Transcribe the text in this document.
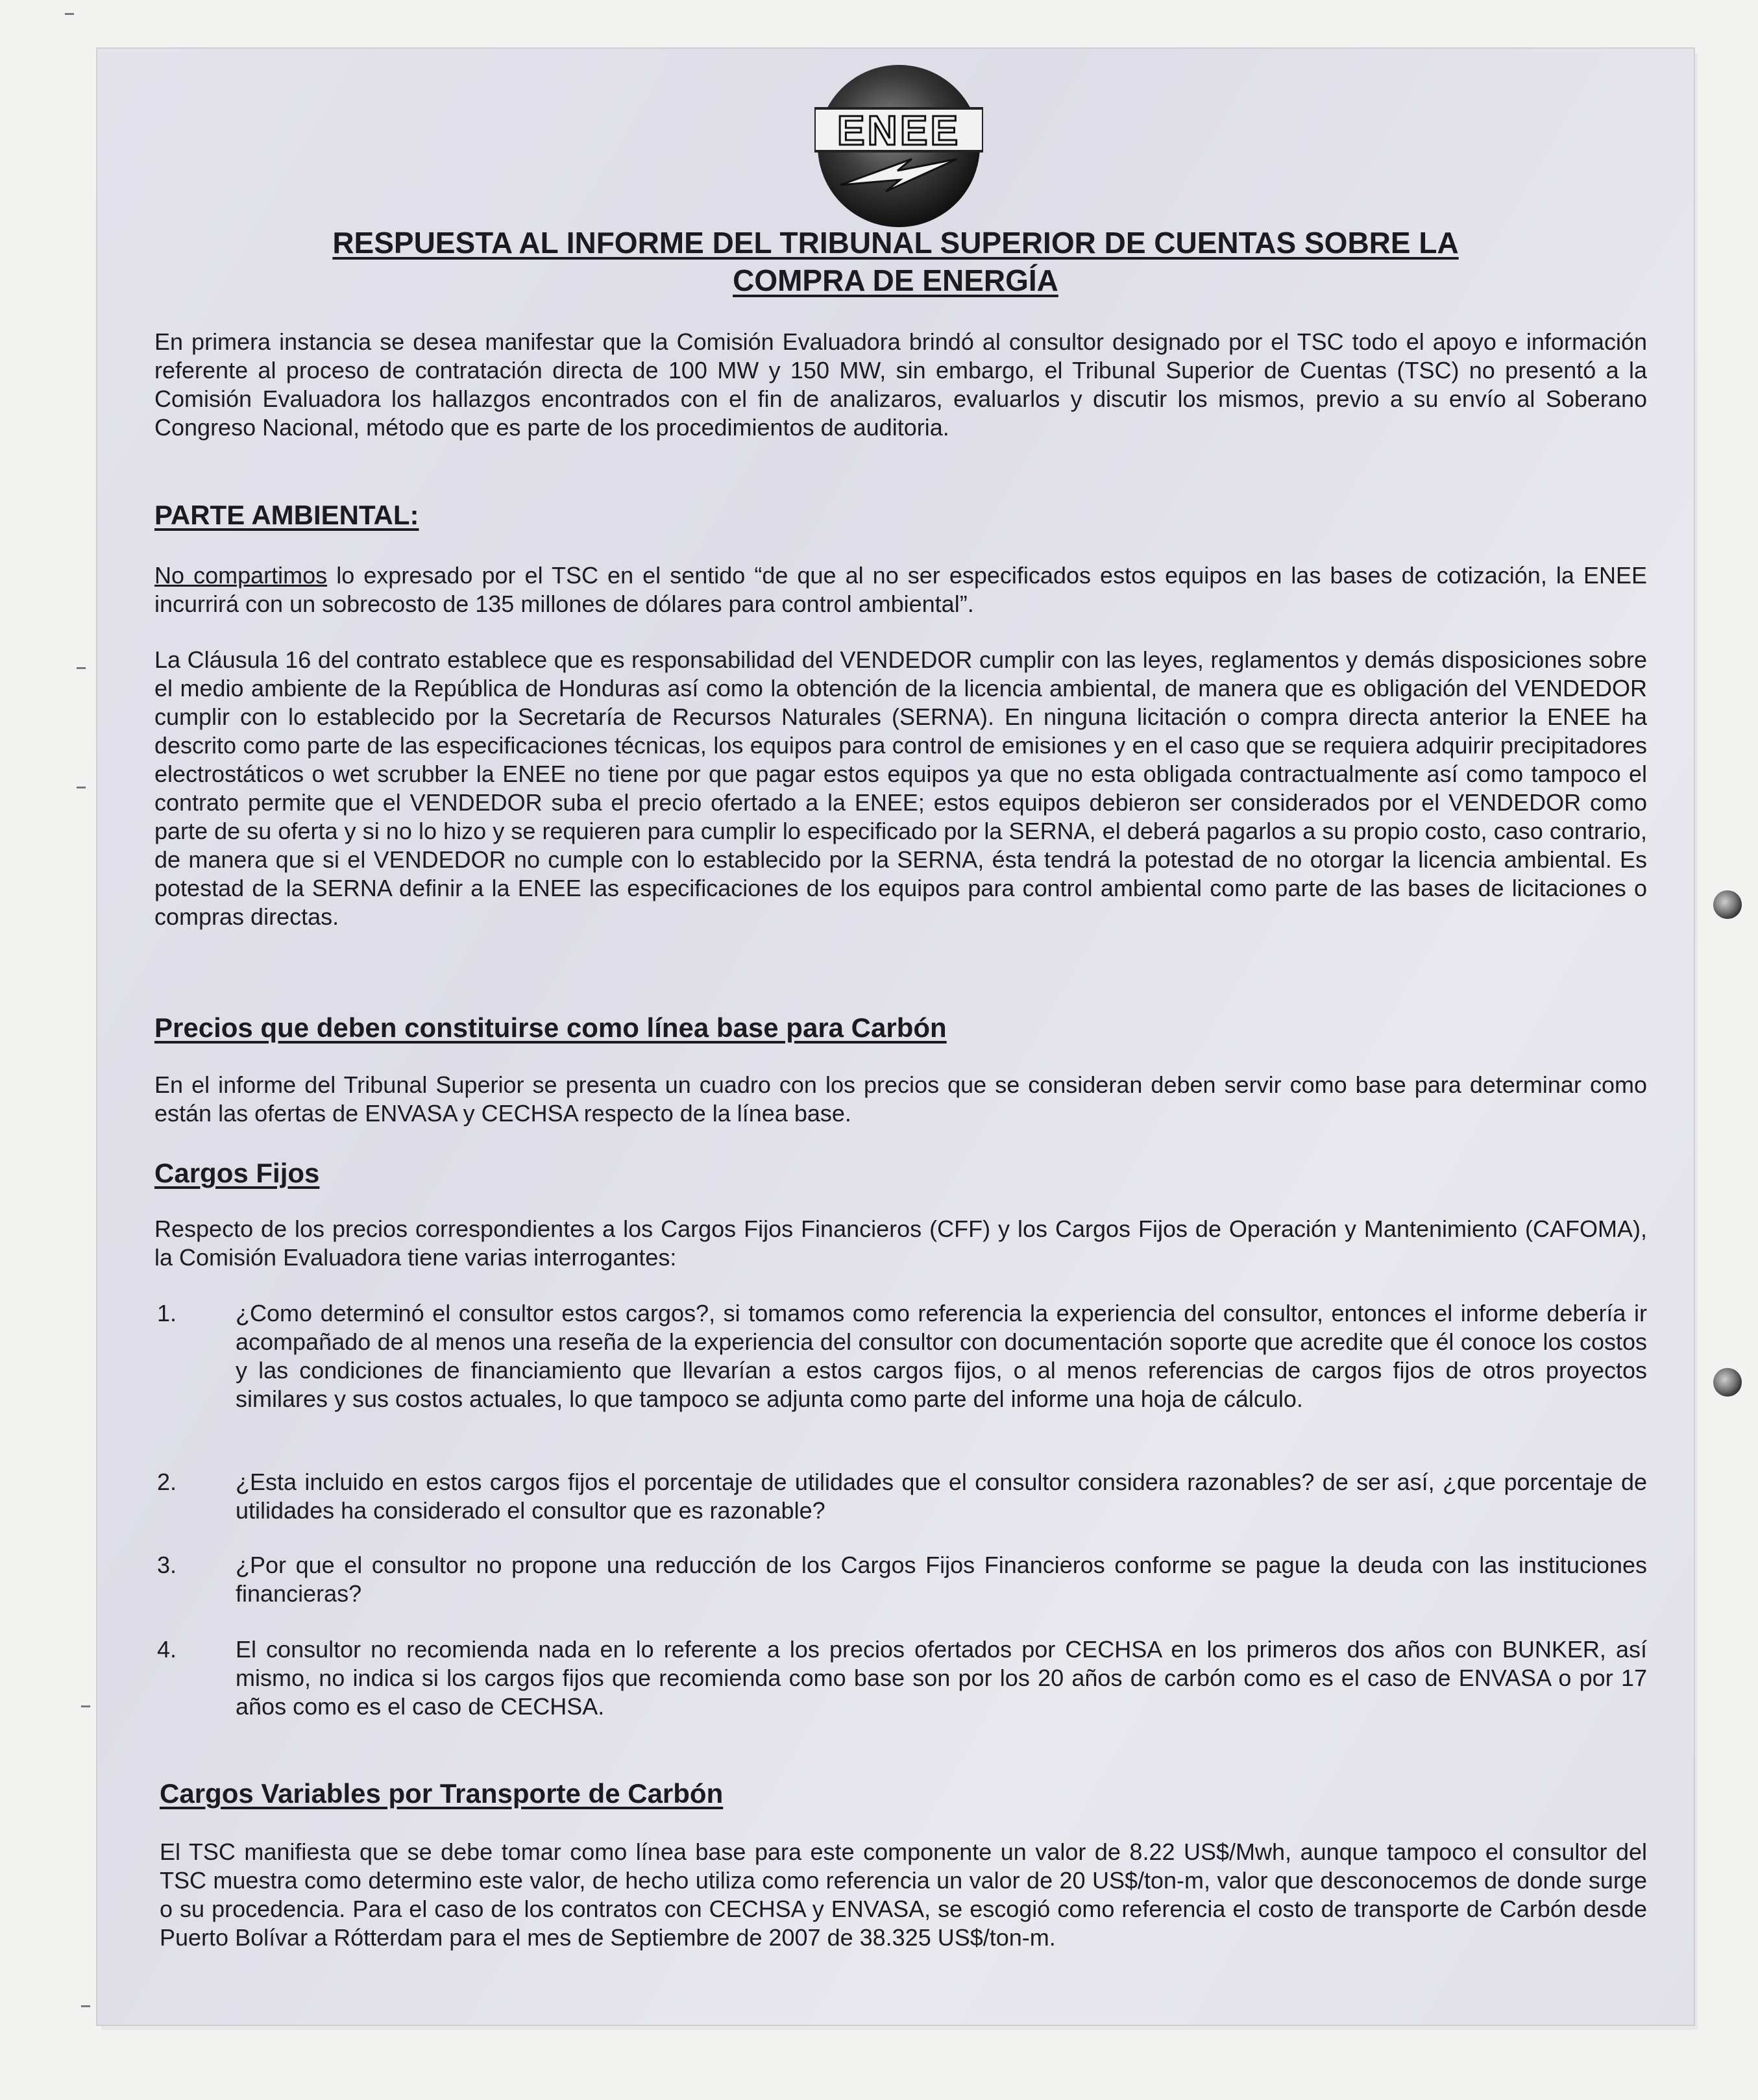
ENEE
RESPUESTA AL INFORME DEL TRIBUNAL SUPERIOR DE CUENTAS SOBRE LA
COMPRA DE ENERGÍA

En primera instancia se desea manifestar que la Comisión Evaluadora brindó al consultor designado por el TSC todo el apoyo e información referente al proceso de contratación directa de 100 MW y 150 MW, sin embargo, el Tribunal Superior de Cuentas (TSC) no presentó a la Comisión Evaluadora los hallazgos encontrados con el fin de analizaros, evaluarlos y discutir los mismos, previo a su envío al Soberano Congreso Nacional, método que es parte de los procedimientos de auditoria.

PARTE AMBIENTAL:

No compartimos lo expresado por el TSC en el sentido “de que al no ser especificados estos equipos en las bases de cotización, la ENEE incurrirá con un sobrecosto de 135 millones de dólares para control ambiental”.

La Cláusula 16 del contrato establece que es responsabilidad del VENDEDOR cumplir con las leyes, reglamentos y demás disposiciones sobre el medio ambiente de la República de Honduras así como la obtención de la licencia ambiental, de manera que es obligación del VENDEDOR cumplir con lo establecido por la Secretaría de Recursos Naturales (SERNA). En ninguna licitación o compra directa anterior la ENEE ha descrito como parte de las especificaciones técnicas, los equipos para control de emisiones y en el caso que se requiera adquirir precipitadores electrostáticos o wet scrubber la ENEE no tiene por que pagar estos equipos ya que no esta obligada contractualmente así como tampoco el contrato permite que el VENDEDOR suba el precio ofertado a la ENEE; estos equipos debieron ser considerados por el VENDEDOR como parte de su oferta y si no lo hizo y se requieren para cumplir lo especificado por la SERNA, el deberá pagarlos a su propio costo, caso contrario, de manera que si el VENDEDOR no cumple con lo establecido por la SERNA, ésta tendrá la potestad de no otorgar la licencia ambiental. Es potestad de la SERNA definir a la ENEE las especificaciones de los equipos para control ambiental como parte de las bases de licitaciones o compras directas.

Precios que deben constituirse como línea base para Carbón

En el informe del Tribunal Superior se presenta un cuadro con los precios que se consideran deben servir como base para determinar como están las ofertas de ENVASA y CECHSA respecto de la línea base.

Cargos Fijos

Respecto de los precios correspondientes a los Cargos Fijos Financieros (CFF) y los Cargos Fijos de Operación y Mantenimiento (CAFOMA), la Comisión Evaluadora tiene varias interrogantes:

1.	¿Como determinó el consultor estos cargos?, si tomamos como referencia la experiencia del consultor, entonces el informe debería ir acompañado de al menos una reseña de la experiencia del consultor con documentación soporte que acredite que él conoce los costos y las condiciones de financiamiento que llevarían a estos cargos fijos, o al menos referencias de cargos fijos de otros proyectos similares y sus costos actuales, lo que tampoco se adjunta como parte del informe una hoja de cálculo.
2.	¿Esta incluido en estos cargos fijos el porcentaje de utilidades que el consultor considera razonables? de ser así, ¿que porcentaje de utilidades ha considerado el consultor que es razonable?
3.	¿Por que el consultor no propone una reducción de los Cargos Fijos Financieros conforme se pague la deuda con las instituciones financieras?
4.	El consultor no recomienda nada en lo referente a los precios ofertados por CECHSA en los primeros dos años con BUNKER, así mismo, no indica si los cargos fijos que recomienda como base son por los 20 años de carbón como es el caso de ENVASA o por 17 años como es el caso de CECHSA.
Cargos Variables por Transporte de Carbón

El TSC manifiesta que se debe tomar como línea base para este componente un valor de 8.22 US$/Mwh, aunque tampoco el consultor del TSC muestra como determino este valor, de hecho utiliza como referencia un valor de 20 US$/ton-m, valor que desconocemos de donde surge o su procedencia. Para el caso de los contratos con CECHSA y ENVASA, se escogió como referencia el costo de transporte de Carbón desde Puerto Bolívar a Rótterdam para el mes de Septiembre de 2007 de 38.325 US$/ton-m.
